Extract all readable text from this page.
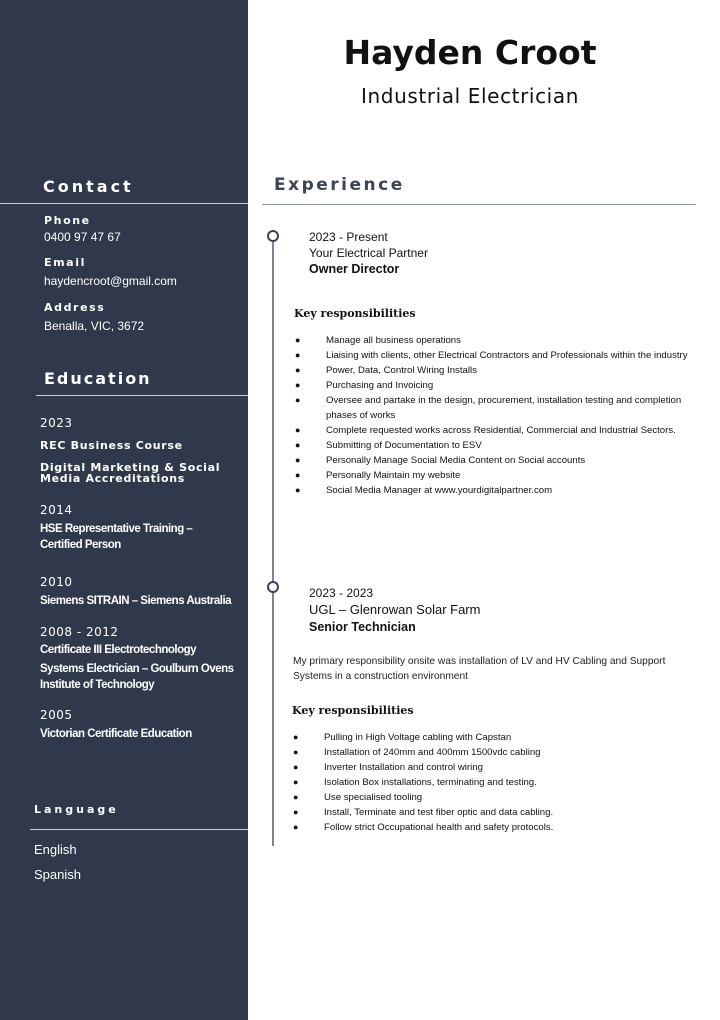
Contact
Phone
0400 97 47 67
Email
haydencroot@gmail.com
Address
Benalla, VIC, 3672
Education
2023
REC Business Course
Digital Marketing & Social Media Accreditations
2014
HSE Representative Training – Certified Person
2010
Siemens SITRAIN – Siemens Australia
2008 - 2012
Certificate III Electrotechnology
Systems Electrician – Goulburn Ovens Institute of Technology
2005
Victorian Certificate Education
Language
English
Spanish
Hayden Croot
Industrial Electrician
Experience
2023 - Present
Your Electrical Partner
Owner Director
Key responsibilities
●	Manage all business operations
●	Liaising with clients, other Electrical Contractors and Professionals within the industry
●	Power, Data, Control Wiring Installs
●	Purchasing and Invoicing
●	Oversee and partake in the design, procurement, installation testing and completion phases of works
●	Complete requested works across Residential, Commercial and Industrial Sectors.
●	Submitting of Documentation to ESV
●	Personally Manage Social Media Content on Social accounts
●	Personally Maintain my website
●	Social Media Manager at www.yourdigitalpartner.com
2023 - 2023
UGL – Glenrowan Solar Farm
Senior Technician
My primary responsibility onsite was installation of LV and HV Cabling and Support Systems in a construction environment
Key responsibilities
●	Pulling in High Voltage cabling with Capstan
●	Installation of 240mm and 400mm 1500vdc cabling
●	Inverter Installation and control wiring
●	Isolation Box installations, terminating and testing.
●	Use specialised tooling
●	Install, Terminate and test fiber optic and data cabling.
●	Follow strict Occupational health and safety protocols.
